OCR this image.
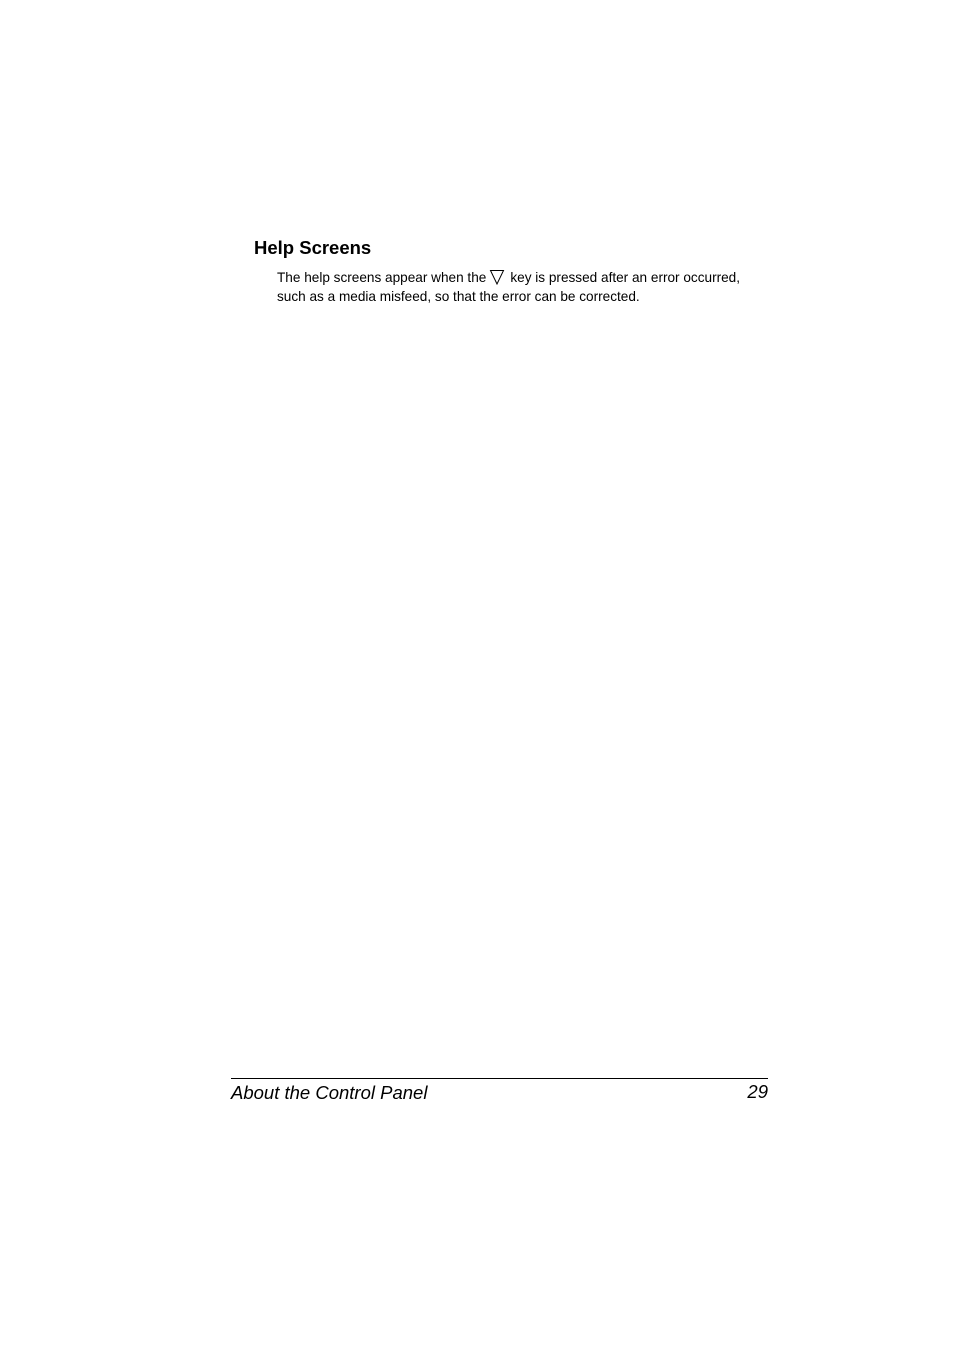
Help Screens

The help screens appear when the key is pressed after an error occurred,
such as a media misfeed, so that the error can be corrected.

About the Control Panel	29
